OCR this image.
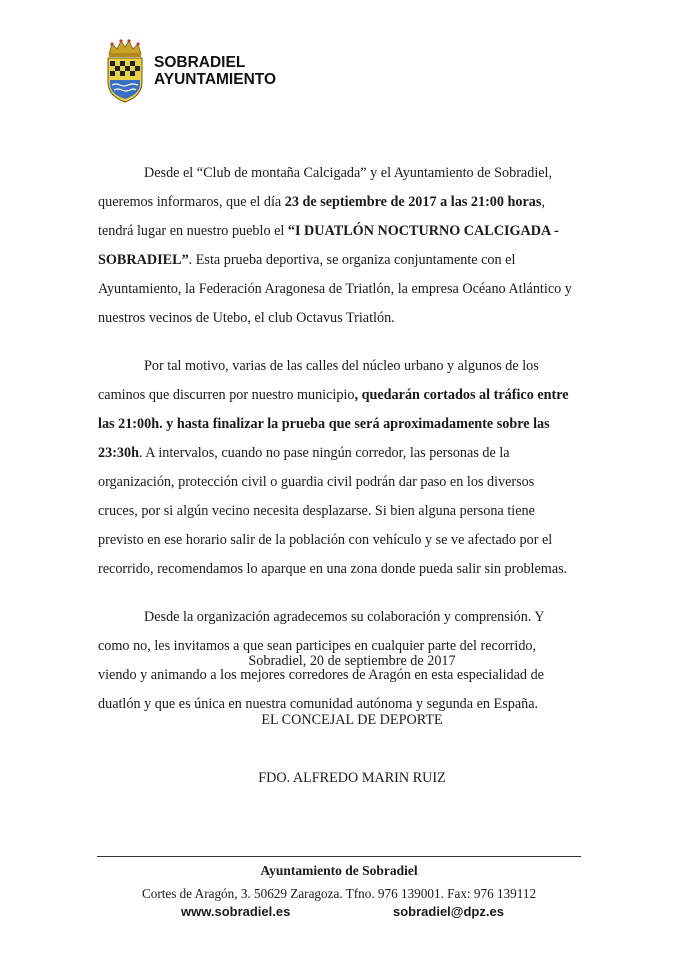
SOBRADIEL
AYUNTAMIENTO

Desde el “Club de montaña Calcigada” y el Ayuntamiento de Sobradiel, queremos informaros, que el día 23 de septiembre de 2017 a las 21:00 horas, tendrá lugar en nuestro pueblo el “I DUATLÓN NOCTURNO CALCIGADA - SOBRADIEL”. Esta prueba deportiva, se organiza conjuntamente con el Ayuntamiento, la Federación Aragonesa de Triatlón, la empresa Océano Atlántico y nuestros vecinos de Utebo, el club Octavus Triatlón.

Por tal motivo, varias de las calles del núcleo urbano y algunos de los caminos que discurren por nuestro municipio, quedarán cortados al tráfico entre las 21:00h. y hasta finalizar la prueba que será aproximadamente sobre las 23:30h. A intervalos, cuando no pase ningún corredor, las personas de la organización, protección civil o guardia civil podrán dar paso en los diversos cruces, por si algún vecino necesita desplazarse. Si bien alguna persona tiene previsto en ese horario salir de la población con vehículo y se ve afectado por el recorrido, recomendamos lo aparque en una zona donde pueda salir sin problemas.

Desde la organización agradecemos su colaboración y comprensión. Y como no, les invitamos a que sean participes en cualquier parte del recorrido, viendo y animando a los mejores corredores de Aragón en esta especialidad de duatlón y que es única en nuestra comunidad autónoma y segunda en España.

Sobradiel, 20 de septiembre de 2017
EL CONCEJAL DE DEPORTE
FDO. ALFREDO MARIN RUIZ
Ayuntamiento de Sobradiel
Cortes de Aragón, 3. 50629 Zaragoza. Tfno. 976 139001. Fax: 976 139112
www.sobradiel.es	sobradiel@dpz.es
